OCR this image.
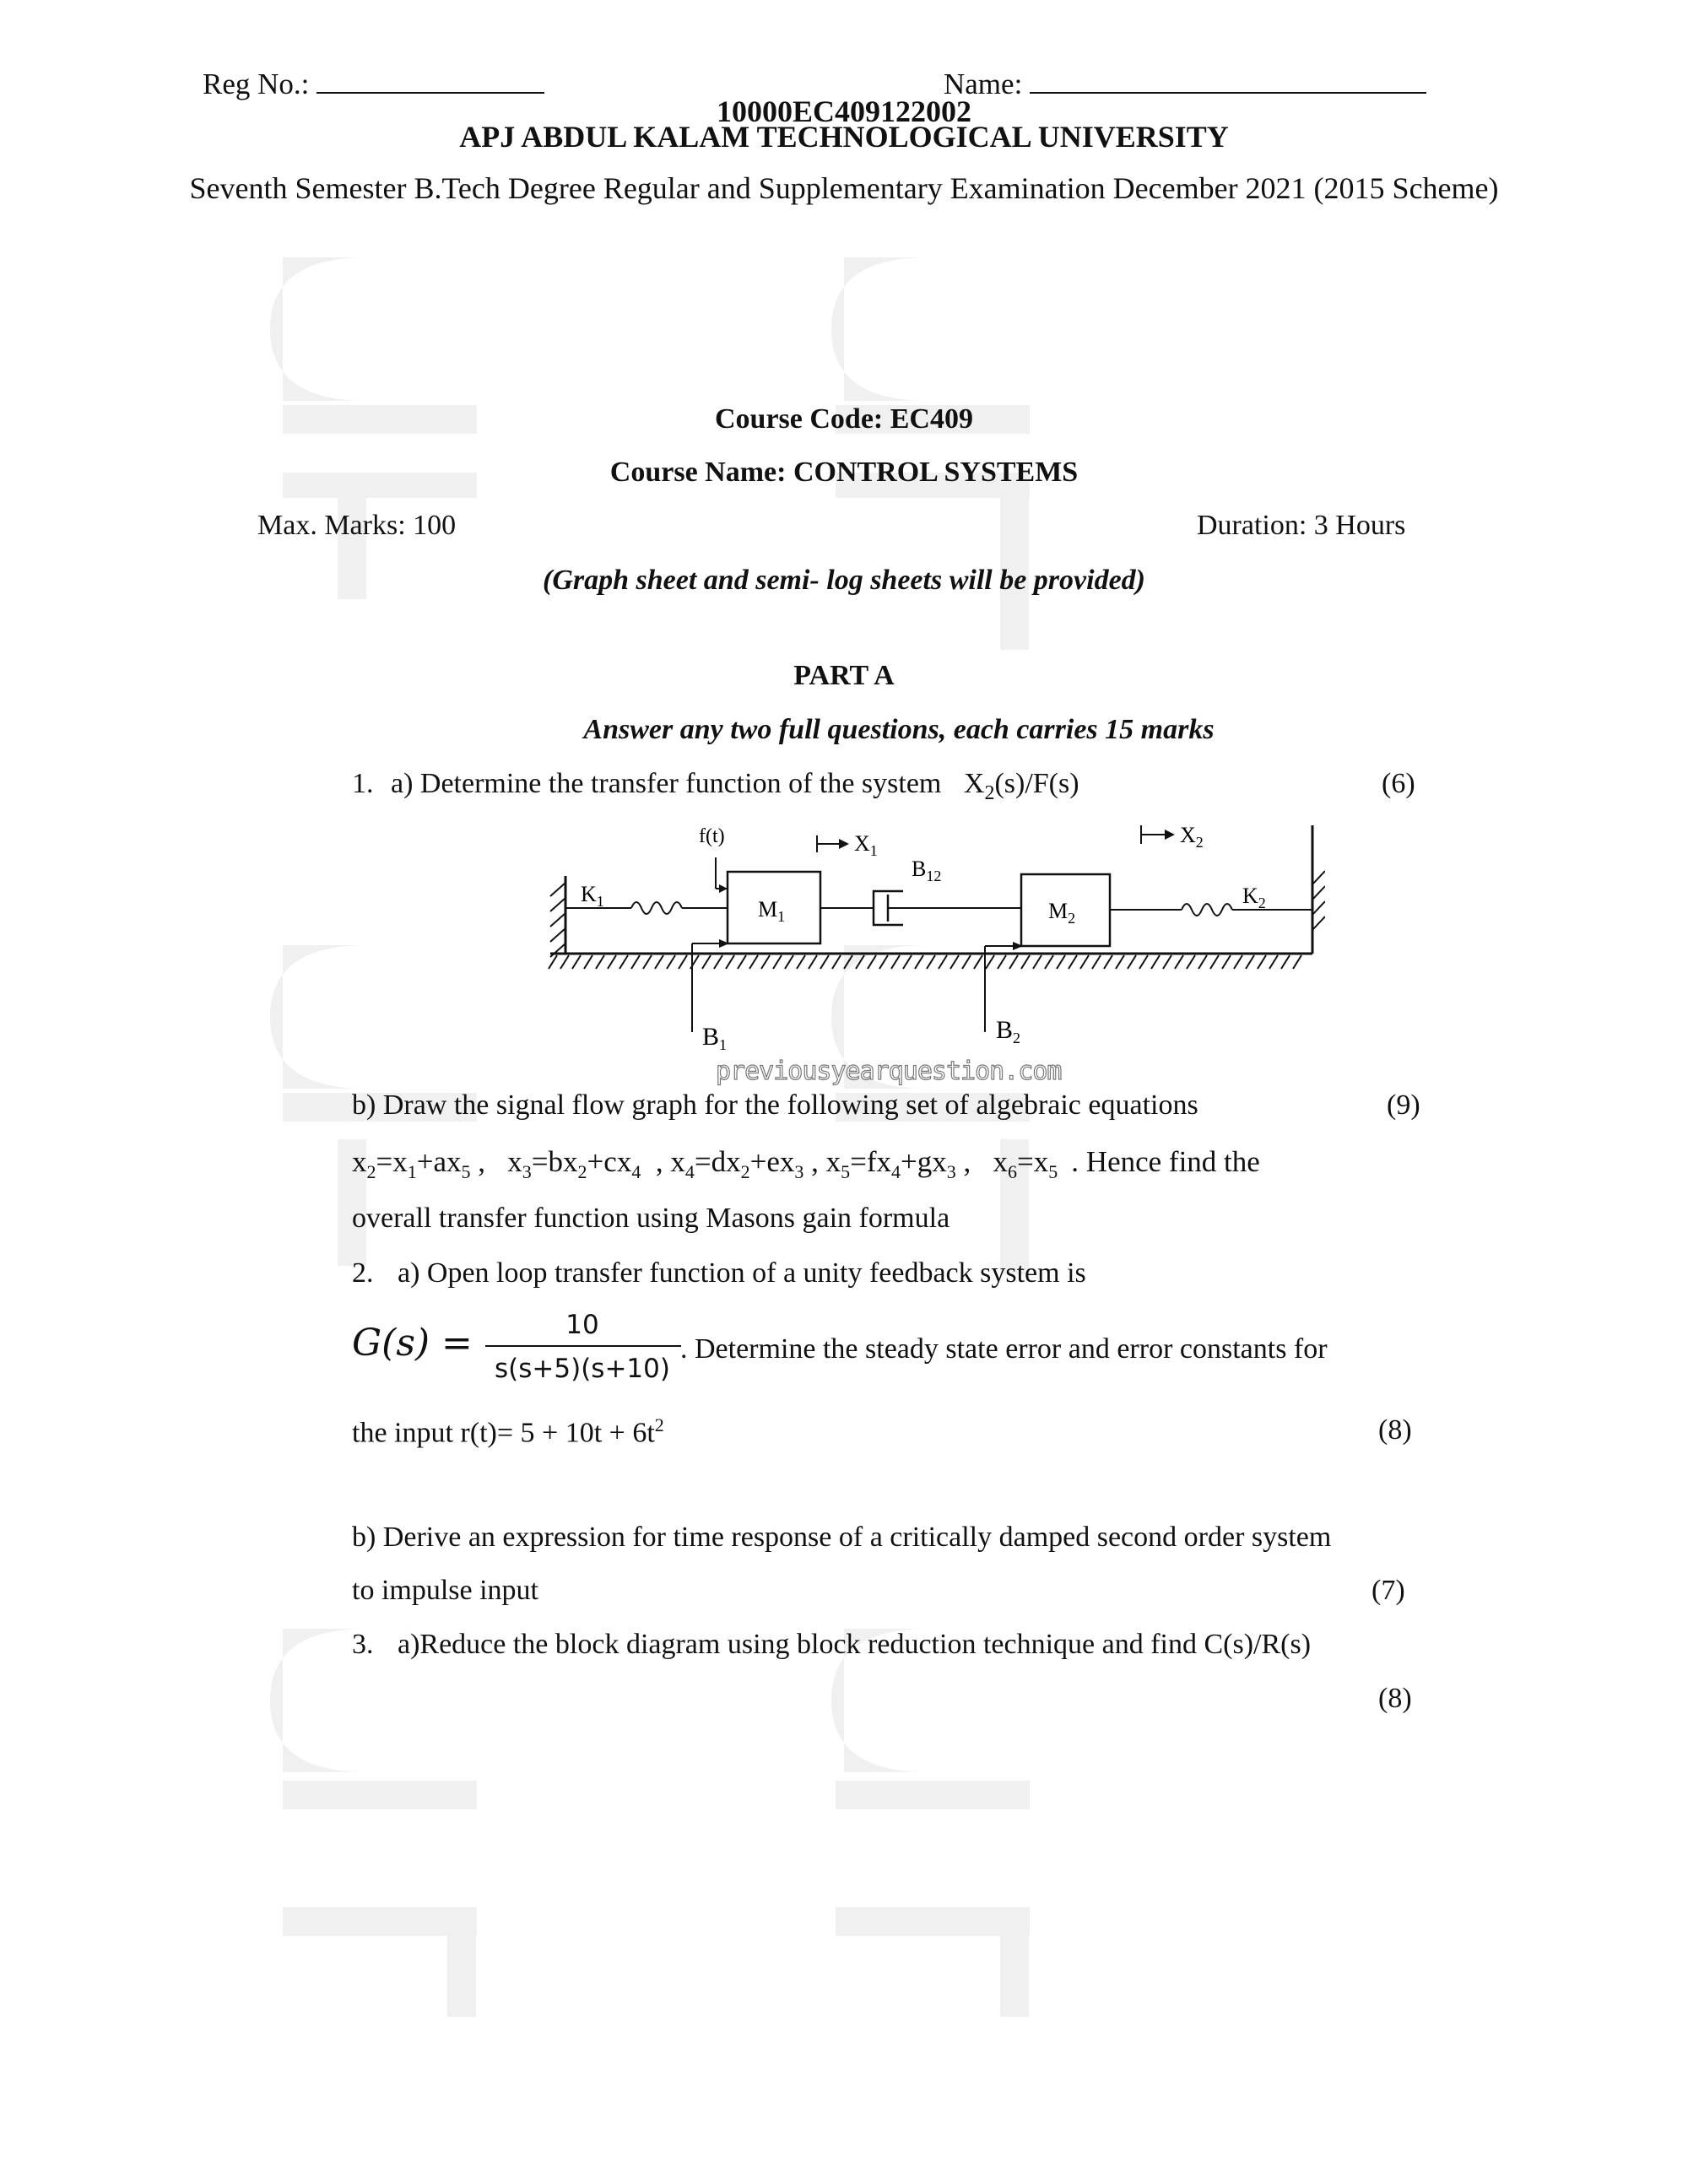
Reg No.:	Name:
10000EC409122002
APJ ABDUL KALAM TECHNOLOGICAL UNIVERSITY
Seventh Semester B.Tech Degree Regular and Supplementary Examination December 2021 (2015 Scheme)
Course Code: EC409
Course Name: CONTROL SYSTEMS
Max. Marks: 100	Duration: 3 Hours
(Graph sheet and semi- log sheets will be provided)
PART A
Answer any two full questions, each carries 15 marks
1. a) Determine the transfer function of the system $X_2(s)/F(s)$	(6)
$K_1$
f(t)	$X_1$
$B_{12}$
$M_1$	$M_2$
$X_2$
$K_2$
$B_1$
$B_2$
previousyearquestion.com
b) Draw the signal flow graph for the following set of algebraic equations	(9)
$x_2=x_1+ax_5$ ,   $x_3=bx_2+cx_4$  , $x_4=dx_2+ex_3$ , $x_5=fx_4+gx_3$ ,   $x_6=x_5$ . Hence find the
overall transfer function using Masons gain formula
2. a) Open loop transfer function of a unity feedback system is
G(s) =	10
s(s+5)(s+10)
. Determine the steady state error and error constants for
the input $r(t)= 5 + 10t + 6t^2$	(8)
b) Derive an expression for time response of a critically damped second order system
to impulse input	(7)
3. a)Reduce the block diagram using block reduction technique and find C(s)/R(s)
(8)
